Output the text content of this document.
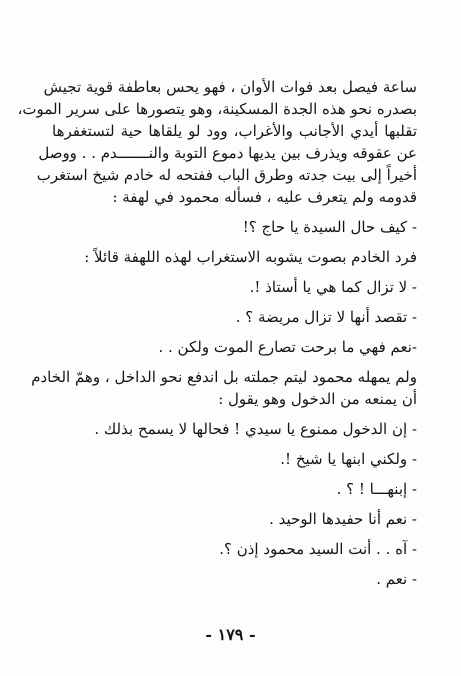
ساعة فيصل بعد فوات الأوان ، فهو يحس بعاطفة قوية تجيش
بصدره نحو هذه الجدة المسكينة، وهو يتصورها على سرير الموت،
تقلبها أيدي الأجانب والأغراب، وود لو يلقاها حية لتستغفرها
عن عقوقه ويذرف بين يديها دموع التوبة والنـــــــدم . . ووصل
أخيراً إلى بيت جدته وطرق الباب ففتحه له خادم شيخ استغرب
قدومه ولم يتعرف عليه ، فسأله محمود في لهفة :
- كيف حال السيدة يا حاج ؟!
فرد الخادم بصوت يشوبه الاستغراب لهذه اللهفة قائلاً :
- لا تزال كما هي يا أستاذ !.
- تقصد أنها لا تزال مريضة ؟ .
-نعم فهي ما برحت تصارع الموت ولكن . .
ولم يمهله محمود ليتم جملته بل اندفع نحو الداخل ، وهمّ الخادم
أن يمنعه من الدخول وهو يقول :
- إن الدخول ممنوع يا سيدي ! فحالها لا يسمح بذلك .
- ولكني ابنها يا شيخ !.
- إبنهـــا ! ؟ .
- نعم أنا حفيدها الوحيد .
- آه . . أنت السيد محمود إذن ؟.
- نعم .
- ١٧٩ -
